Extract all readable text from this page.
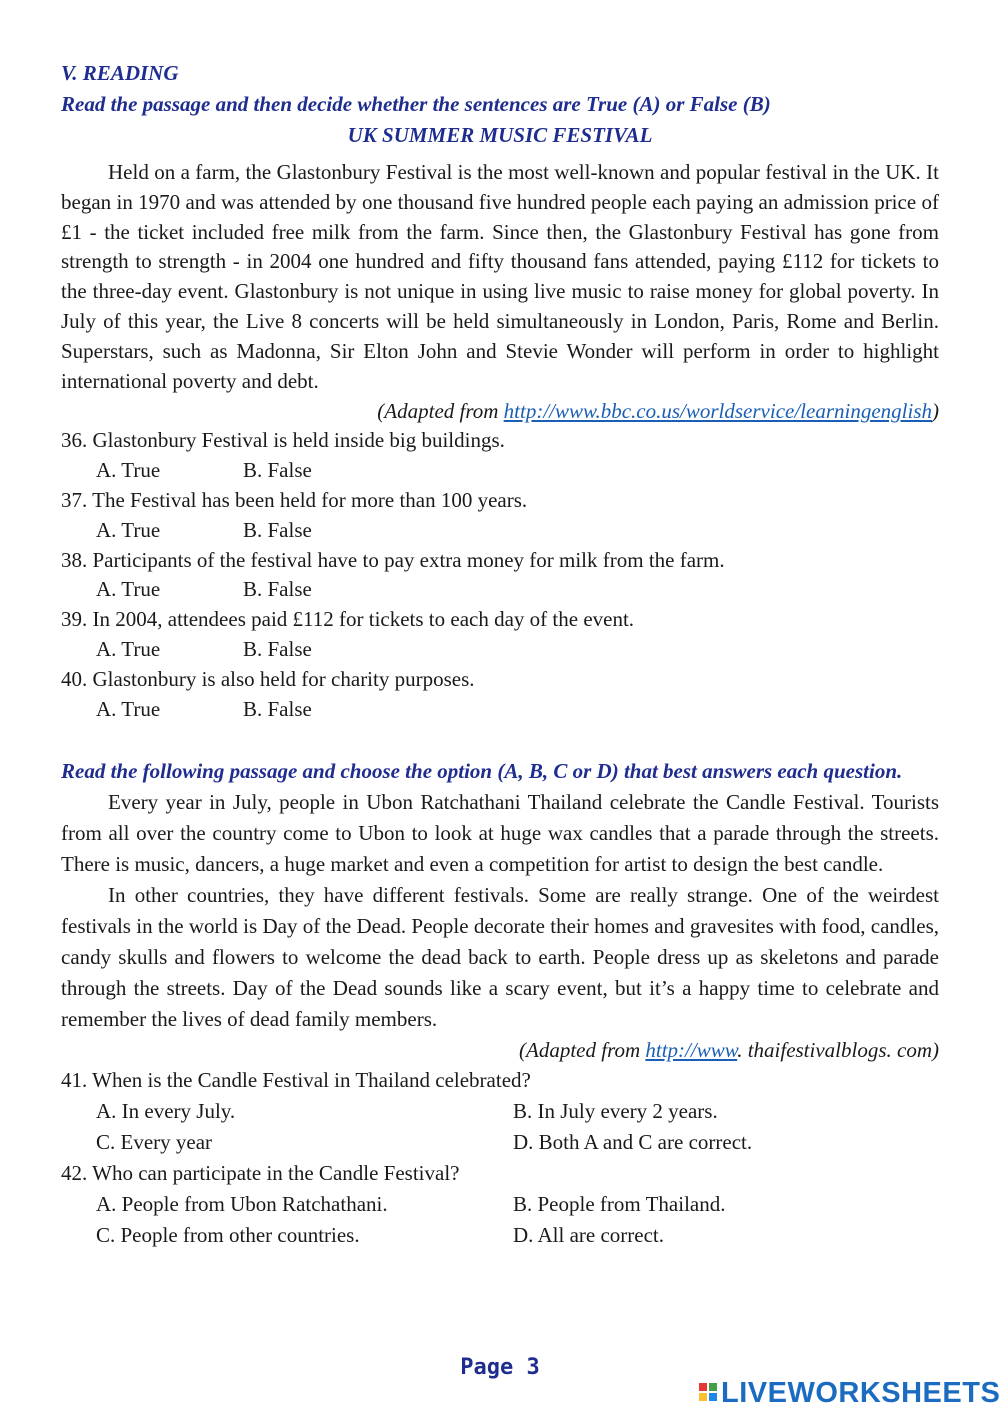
V. READING

Read the passage and then decide whether the sentences are True (A) or False (B)

UK SUMMER MUSIC FESTIVAL

Held on a farm, the Glastonbury Festival is the most well-known and popular festival in the UK. It began in 1970 and was attended by one thousand five hundred people each paying an admission price of £1 - the ticket included free milk from the farm. Since then, the Glastonbury Festival has gone from strength to strength - in 2004 one hundred and fifty thousand fans attended, paying £112 for tickets to the three-day event. Glastonbury is not unique in using live music to raise money for global poverty. In July of this year, the Live 8 concerts will be held simultaneously in London, Paris, Rome and Berlin. Superstars, such as Madonna, Sir Elton John and Stevie Wonder will perform in order to highlight international poverty and debt.

(Adapted from http://www.bbc.co.us/worldservice/learningenglish)

36. Glastonbury Festival is held inside big buildings.

A. True	B. False

37. The Festival has been held for more than 100 years.

A. True	B. False

38. Participants of the festival have to pay extra money for milk from the farm.

A. True	B. False

39. In 2004, attendees paid £112 for tickets to each day of the event.

A. True	B. False

40. Glastonbury is also held for charity purposes.

A. True	B. False

Read the following passage and choose the option (A, B, C or D) that best answers each question.

Every year in July, people in Ubon Ratchathani Thailand celebrate the Candle Festival. Tourists from all over the country come to Ubon to look at huge wax candles that a parade through the streets. There is music, dancers, a huge market and even a competition for artist to design the best candle.

In other countries, they have different festivals. Some are really strange. One of the weirdest festivals in the world is Day of the Dead. People decorate their homes and gravesites with food, candles, candy skulls and flowers to welcome the dead back to earth. People dress up as skeletons and parade through the streets. Day of the Dead sounds like a scary event, but it’s a happy time to celebrate and remember the lives of dead family members.

(Adapted from http://www. thaifestivalblogs. com)

41. When is the Candle Festival in Thailand celebrated?

A. In every July.	B. In July every 2 years.
C. Every year	D. Both A and C are correct.

42. Who can participate in the Candle Festival?

A. People from Ubon Ratchathani.	B. People from Thailand.
C. People from other countries.	D. All are correct.
Page 3
LIVEWORKSHEETS
